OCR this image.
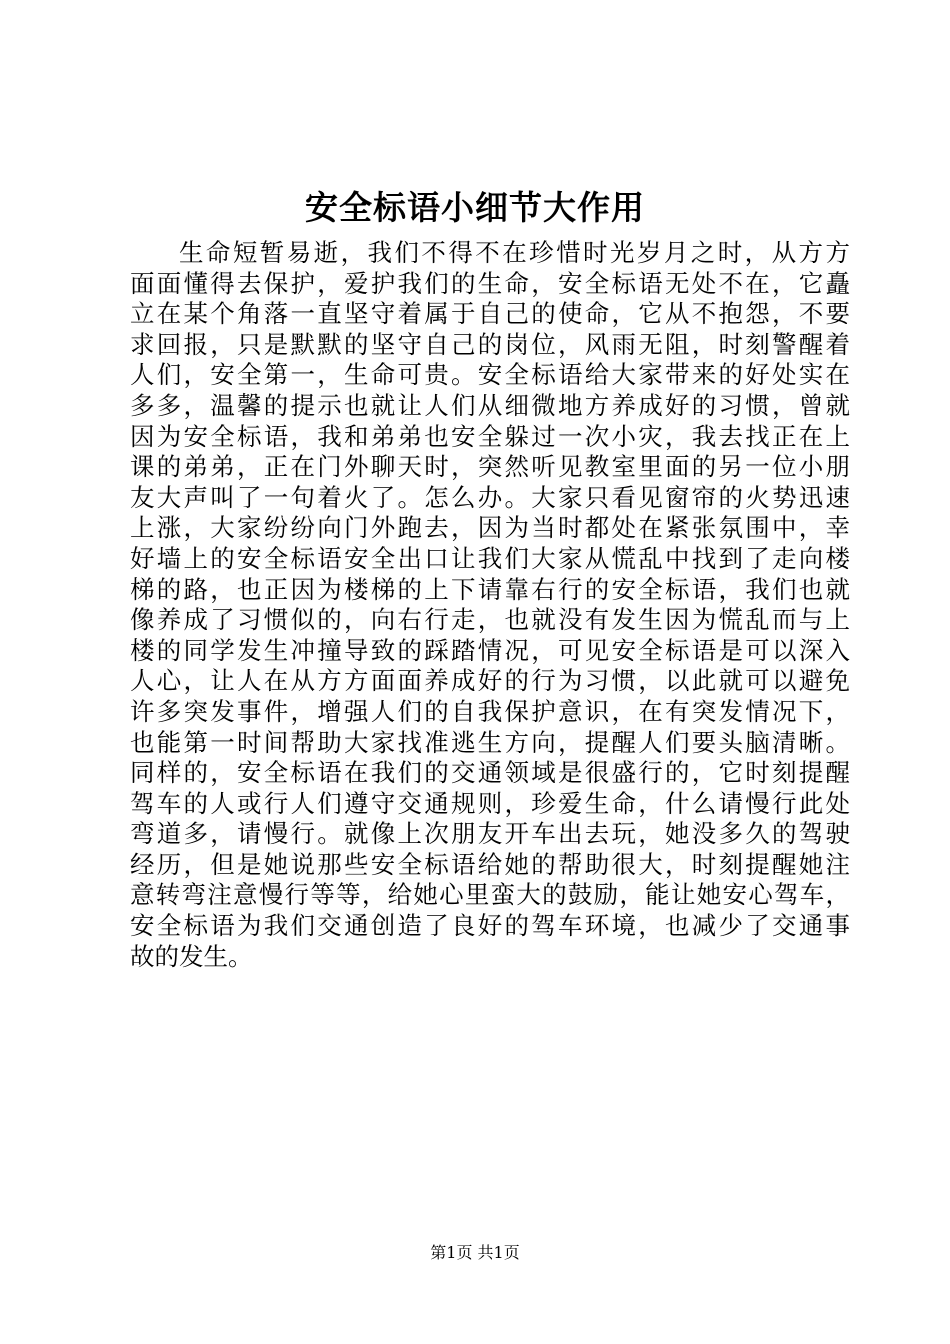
安全标语小细节大作用
生命短暂易逝，我们不得不在珍惜时光岁月之时，从方方
面面懂得去保护，爱护我们的生命，安全标语无处不在，它矗
立在某个角落一直坚守着属于自己的使命，它从不抱怨，不要
求回报，只是默默的坚守自己的岗位，风雨无阻，时刻警醒着
人们，安全第一，生命可贵。安全标语给大家带来的好处实在
多多，温馨的提示也就让人们从细微地方养成好的习惯，曾就
因为安全标语，我和弟弟也安全躲过一次小灾，我去找正在上
课的弟弟，正在门外聊天时，突然听见教室里面的另一位小朋
友大声叫了一句着火了。怎么办。大家只看见窗帘的火势迅速
上涨，大家纷纷向门外跑去，因为当时都处在紧张氛围中，幸
好墙上的安全标语安全出口让我们大家从慌乱中找到了走向楼
梯的路，也正因为楼梯的上下请靠右行的安全标语，我们也就
像养成了习惯似的，向右行走，也就没有发生因为慌乱而与上
楼的同学发生冲撞导致的踩踏情况，可见安全标语是可以深入
人心，让人在从方方面面养成好的行为习惯，以此就可以避免
许多突发事件，增强人们的自我保护意识，在有突发情况下，
也能第一时间帮助大家找准逃生方向，提醒人们要头脑清晰。
同样的，安全标语在我们的交通领域是很盛行的，它时刻提醒
驾车的人或行人们遵守交通规则，珍爱生命，什么请慢行此处
弯道多，请慢行。就像上次朋友开车出去玩，她没多久的驾驶
经历，但是她说那些安全标语给她的帮助很大，时刻提醒她注
意转弯注意慢行等等，给她心里蛮大的鼓励，能让她安心驾车，
安全标语为我们交通创造了良好的驾车环境，也减少了交通事
故的发生。
第1页 共1页
